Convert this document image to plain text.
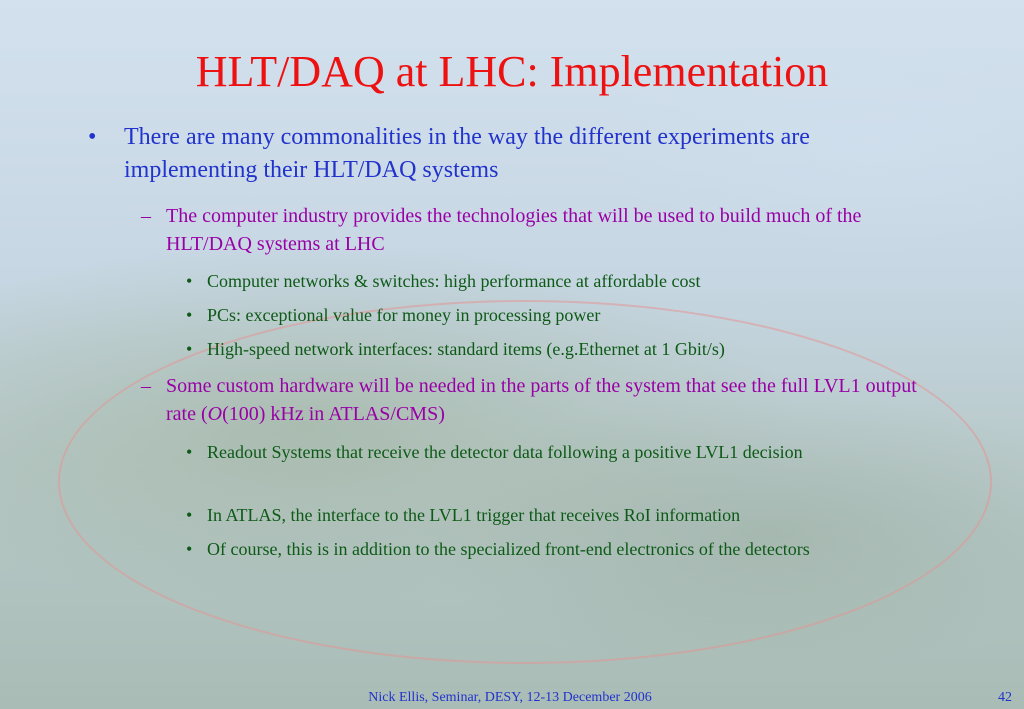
HLT/DAQ at LHC: Implementation
• There are many commonalities in the way the different experiments are implementing their HLT/DAQ systems
– The computer industry provides the technologies that will be used to build much of the HLT/DAQ systems at LHC
• Computer networks & switches: high performance at affordable cost
• PCs: exceptional value for money in processing power
• High-speed network interfaces: standard items (e.g.Ethernet at 1 Gbit/s)
– Some custom hardware will be needed in the parts of the system that see the full LVL1 output rate (O(100) kHz in ATLAS/CMS)
• Readout Systems that receive the detector data following a positive LVL1 decision
• In ATLAS, the interface to the LVL1 trigger that receives RoI information
• Of course, this is in addition to the specialized front-end electronics of the detectors
Nick Ellis, Seminar, DESY, 12-13 December 2006	42
